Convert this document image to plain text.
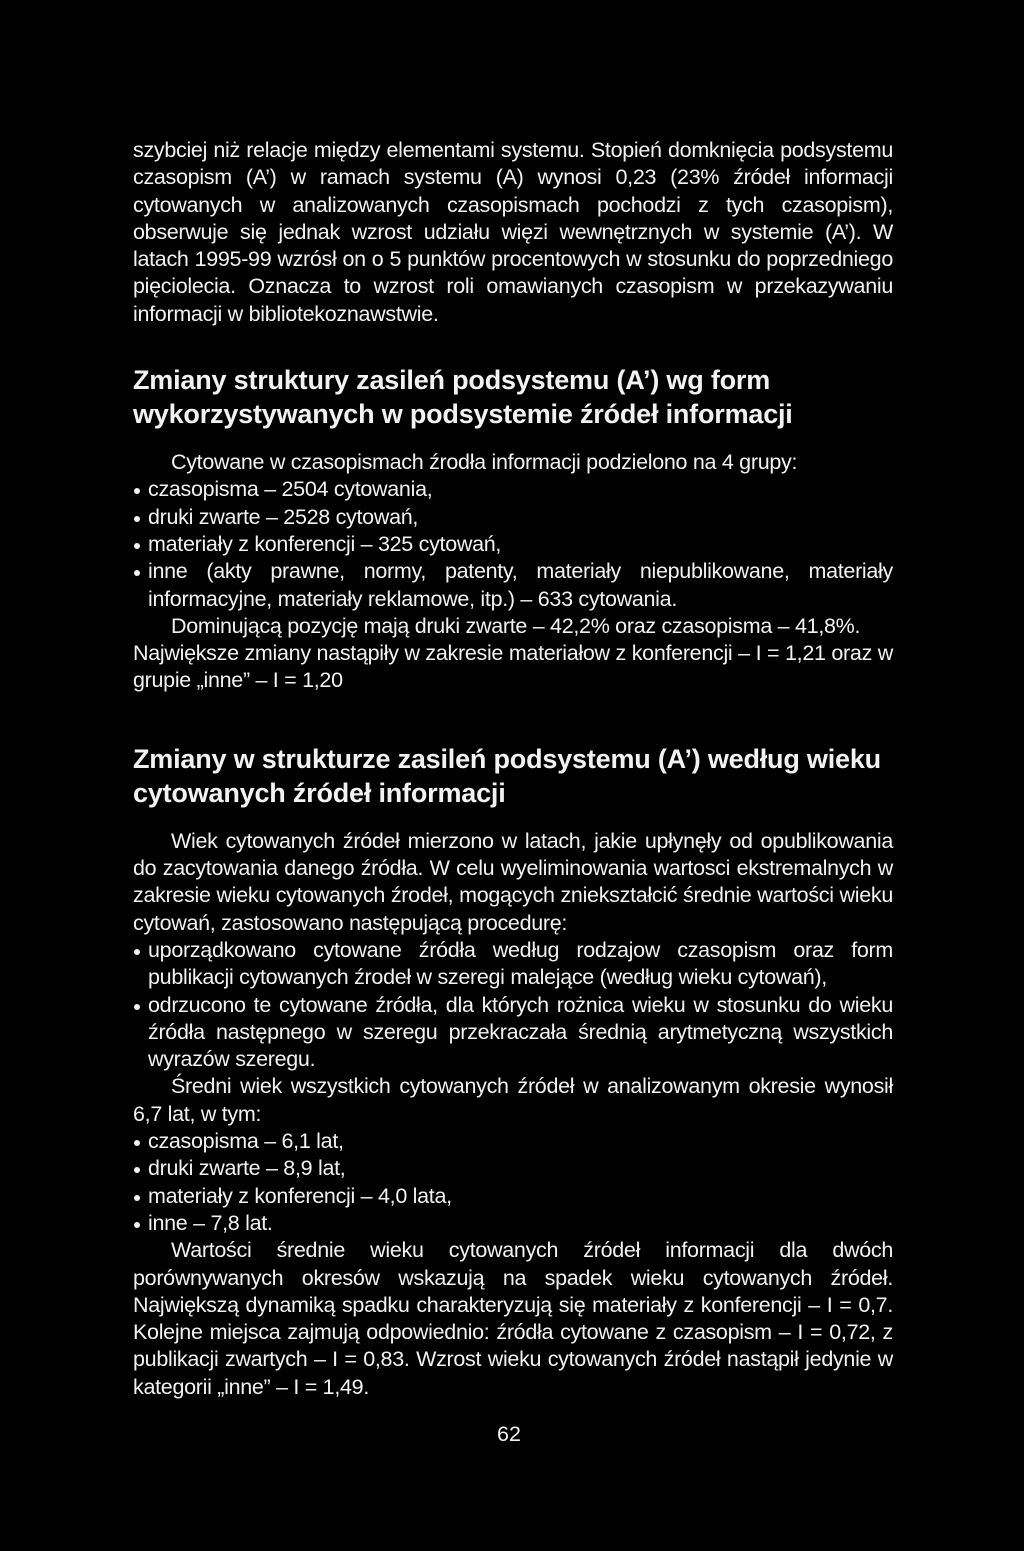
szybciej niż relacje między elementami systemu. Stopień domknięcia podsystemu czasopism (A’) w ramach systemu (A) wynosi 0,23 (23% źródeł informacji cytowanych w analizowanych czasopismach pochodzi z tych czasopism), obserwuje się jednak wzrost udziału więzi wewnętrznych w systemie (A’). W latach 1995-99 wzrósł on o 5 punktów procentowych w stosunku do poprzedniego pięciolecia. Oznacza to wzrost roli omawianych czasopism w przekazywaniu informacji w bibliotekoznawstwie.

Zmiany struktury zasileń podsystemu (A’) wg form wykorzystywanych w podsystemie źródeł informacji

Cytowane w czasopismach źrodła informacji podzielono na 4 grupy:

czasopisma – 2504 cytowania,
druki zwarte – 2528 cytowań,
materiały z konferencji – 325 cytowań,
inne (akty prawne, normy, patenty, materiały niepublikowane, materiały informacyjne, materiały reklamowe, itp.) – 633 cytowania.

Dominującą pozycję mają druki zwarte – 42,2% oraz czasopisma – 41,8%.

Największe zmiany nastąpiły w zakresie materiałow z konferencji – I = 1,21 oraz w grupie „inne” – I = 1,20

Zmiany w strukturze zasileń podsystemu (A’) według wieku cytowanych źródeł informacji

Wiek cytowanych źródeł mierzono w latach, jakie upłynęły od opublikowania do zacytowania danego źródła. W celu wyeliminowania wartosci ekstremalnych w zakresie wieku cytowanych źrodeł, mogących zniekształcić średnie wartości wieku cytowań, zastosowano następującą procedurę:

uporządkowano cytowane źródła według rodzajow czasopism oraz form publikacji cytowanych źrodeł w szeregi malejące (według wieku cytowań),
odrzucono te cytowane źródła, dla których rożnica wieku w stosunku do wieku źródła następnego w szeregu przekraczała średnią arytmetyczną wszystkich wyrazów szeregu.

Średni wiek wszystkich cytowanych źródeł w analizowanym okresie wynosił 6,7 lat, w tym:

czasopisma – 6,1 lat,
druki zwarte – 8,9 lat,
materiały z konferencji – 4,0 lata,
inne – 7,8 lat.

Wartości średnie wieku cytowanych źródeł informacji dla dwóch porównywanych okresów wskazują na spadek wieku cytowanych źródeł. Największą dynamiką spadku charakteryzują się materiały z konferencji – I = 0,7. Kolejne miejsca zajmują odpowiednio: źródła cytowane z czasopism – I = 0,72, z publikacji zwartych – I = 0,83. Wzrost wieku cytowanych źródeł nastąpił jedynie w kategorii „inne” – I = 1,49.

62
